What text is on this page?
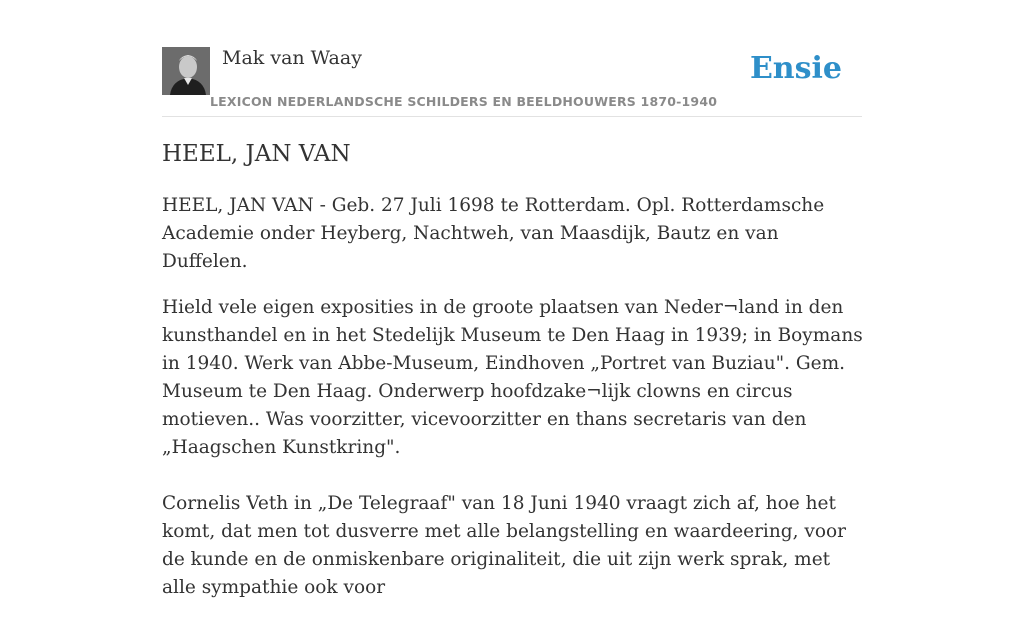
Mak van Waay
LEXICON NEDERLANDSCHE SCHILDERS EN BEELDHOUWERS 1870-1940
Ensie
HEEL, JAN VAN

HEEL, JAN VAN - Geb. 27 Juli 1698 te Rotterdam. Opl. Rotterdamsche Academie onder Heyberg, Nachtweh, van Maasdijk, Bautz en van Duffelen.

Hield vele eigen exposities in de groote plaatsen van Neder¬land in den kunsthandel en in het Stedelijk Museum te Den Haag in 1939; in Boymans in 1940. Werk van Abbe-Museum, Eindhoven „Portret van Buziau". Gem. Museum te Den Haag. Onderwerp hoofdzake¬lijk clowns en circus motieven.. Was voorzitter, vicevoorzitter en thans secretaris van den „Haagschen Kunstkring".

Cornelis Veth in „De Telegraaf" van 18 Juni 1940 vraagt zich af, hoe het komt, dat men tot dusverre met alle belangstelling en waardeering, voor de kunde en de onmiskenbare originaliteit, die uit zijn werk sprak, met alle sympathie ook voor
